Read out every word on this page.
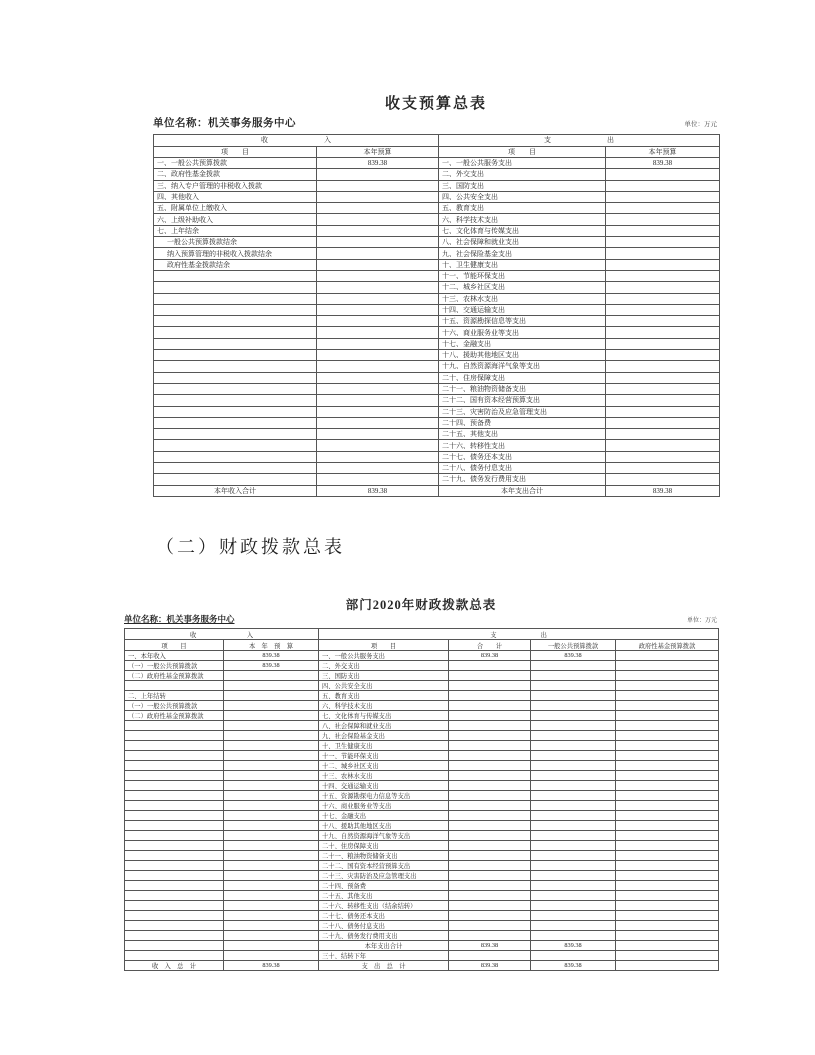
收支预算总表
单位名称：机关事务服务中心	单位：万元
收　　　　　　　　入		支　　　　　　　　出	
项　　目	本年预算	项　　目	本年预算
一、一般公共预算拨款	839.38	一、一般公共服务支出	839.38
二、政府性基金拨款		二、外交支出	
三、纳入专户管理的非税收入拨款		三、国防支出	
四、其他收入		四、公共安全支出	
五、附属单位上缴收入		五、教育支出	
六、上级补助收入		六、科学技术支出	
七、上年结余		七、文化体育与传媒支出	
一般公共预算拨款结余		八、社会保障和就业支出	
纳入预算管理的非税收入拨款结余		九、社会保险基金支出	
政府性基金拨款结余		十、卫生健康支出	
		十一、节能环保支出	
		十二、城乡社区支出	
		十三、农林水支出	
		十四、交通运输支出	
		十五、资源勘探信息等支出	
		十六、商业服务业等支出	
		十七、金融支出	
		十八、援助其他地区支出	
		十九、自然资源海洋气象等支出	
		二十、住房保障支出	
		二十一、粮油物资储备支出	
		二十二、国有资本经营预算支出	
		二十三、灾害防治及应急管理支出	
		二十四、预备费	
		二十五、其他支出	
		二十六、转移性支出	
		二十七、债务还本支出	
		二十八、债务付息支出	
		二十九、债务发行费用支出	
本年收入合计	839.38	本年支出合计	839.38
（二）财政拨款总表
部门2020年财政拨款总表
单位名称：机关事务服务中心	单位：万元
收　　　　　　　　入		支　　　　　　　出			
项　　目	本　年　预　算	项　　目	合　　计	一般公共预算拨款	政府性基金预算拨款
一、本年收入	839.38	一、一般公共服务支出	839.38	839.38	
（一）一般公共预算拨款	839.38	二、外交支出			
（二）政府性基金预算拨款		三、国防支出			
		四、公共安全支出			
二、上年结转		五、教育支出			
（一）一般公共预算拨款		六、科学技术支出			
（二）政府性基金预算拨款		七、文化体育与传媒支出			
		八、社会保障和就业支出			
		九、社会保险基金支出			
		十、卫生健康支出			
		十一、节能环保支出			
		十二、城乡社区支出			
		十三、农林水支出			
		十四、交通运输支出			
		十五、资源勘探电力信息等支出			
		十六、商业服务业等支出			
		十七、金融支出			
		十八、援助其他地区支出			
		十九、自然资源海洋气象等支出			
		二十、住房保障支出			
		二十一、粮油物资储备支出			
		二十二、国有资本经营预算支出			
		二十三、灾害防治及应急管理支出			
		二十四、预备费			
		二十五、其他支出			
		二十六、转移性支出（结余结转）			
		二十七、债务还本支出			
		二十八、债务付息支出			
		二十九、债务发行费用支出			
		本年支出合计	839.38	839.38	
		三十、结转下年			
收　入　总　计	839.38	支　出　总　计	839.38	839.38	
